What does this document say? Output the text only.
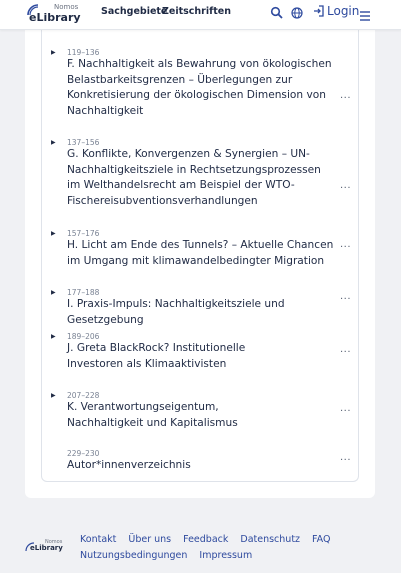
Nomos
eLibrary Sachgebiete
Zeitschriften	Login
▶ 119–136
F. Nachhaltigkeit als Bewahrung von ökologischen Belastbarkeitsgrenzen – Überlegungen zur Konkretisierung der ökologischen Dimension von Nachhaltigkeit
...
▶ 137–156
G. Konflikte, Konvergenzen & Synergien – UN-Nachhaltigkeitsziele in Rechtsetzungsprozessen im Welthandelsrecht am Beispiel der WTO-Fischereisubventionsverhandlungen
...
▶ 157–176
H. Licht am Ende des Tunnels? – Aktuelle Chancen im Umgang mit klimawandelbedingter Migration
...
▶ 177–188
I. Praxis-Impuls: Nachhaltigkeitsziele und Gesetzgebung
...
▶ 189–206
J. Greta BlackRock? Institutionelle Investoren als Klimaaktivisten
...
▶ 207–228
K. Verantwortungseigentum, Nachhaltigkeit und Kapitalismus
...
229–230
Autor*innenverzeichnis
...
Nomos
eLibrary
Kontakt Über uns Feedback Datenschutz FAQ
Nutzungsbedingungen Impressum
